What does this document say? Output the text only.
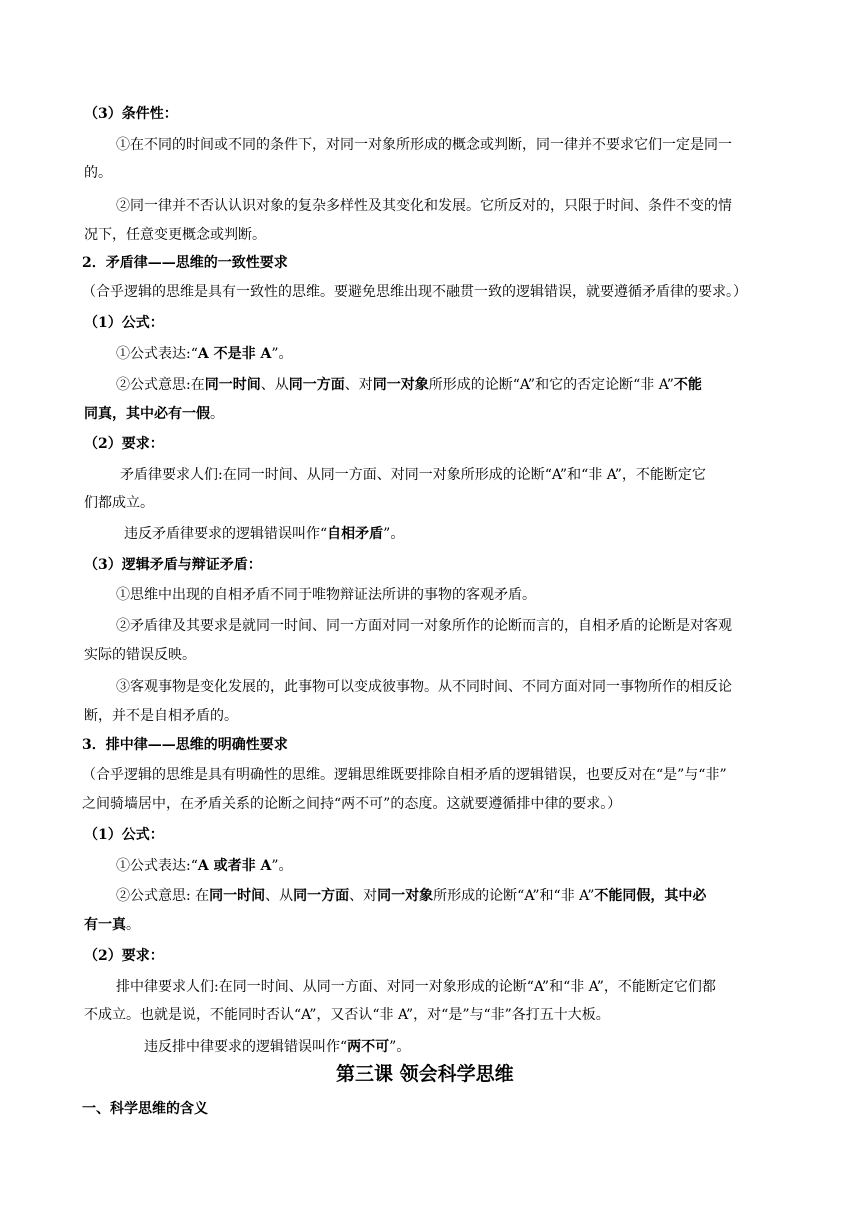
（3）条件性：
①在不同的时间或不同的条件下，对同一对象所形成的概念或判断，同一律并不要求它们一定是同一
的。
②同一律并不否认认识对象的复杂多样性及其变化和发展。它所反对的，只限于时间、条件不变的情
况下，任意变更概念或判断。
2．矛盾律——思维的一致性要求
（合乎逻辑的思维是具有一致性的思维。要避免思维出现不融贯一致的逻辑错误，就要遵循矛盾律的要求。）
（1）公式：
①公式表达:“A 不是非 A”。
②公式意思:在同一时间、从同一方面、对同一对象所形成的论断“A”和它的否定论断“非 A”不能
同真，其中必有一假。
（2）要求：
矛盾律要求人们:在同一时间、从同一方面、对同一对象所形成的论断“A”和“非 A”，不能断定它
们都成立。
违反矛盾律要求的逻辑错误叫作“自相矛盾”。
（3）逻辑矛盾与辩证矛盾：
①思维中出现的自相矛盾不同于唯物辩证法所讲的事物的客观矛盾。
②矛盾律及其要求是就同一时间、同一方面对同一对象所作的论断而言的，自相矛盾的论断是对客观
实际的错误反映。
③客观事物是变化发展的，此事物可以变成彼事物。从不同时间、不同方面对同一事物所作的相反论
断，并不是自相矛盾的。
3．排中律——思维的明确性要求
（合乎逻辑的思维是具有明确性的思维。逻辑思维既要排除自相矛盾的逻辑错误，也要反对在“是”与“非”
之间骑墙居中，在矛盾关系的论断之间持“两不可”的态度。这就要遵循排中律的要求。）
（1）公式：
①公式表达:“A 或者非 A”。
②公式意思: 在同一时间、从同一方面、对同一对象所形成的论断“A”和“非 A”不能同假，其中必
有一真。
（2）要求：
排中律要求人们:在同一时间、从同一方面、对同一对象形成的论断“A”和“非 A”，不能断定它们都
不成立。也就是说，不能同时否认“A”，又否认“非 A”，对“是”与“非”各打五十大板。
违反排中律要求的逻辑错误叫作“两不可”。
第三课 领会科学思维
一、科学思维的含义
